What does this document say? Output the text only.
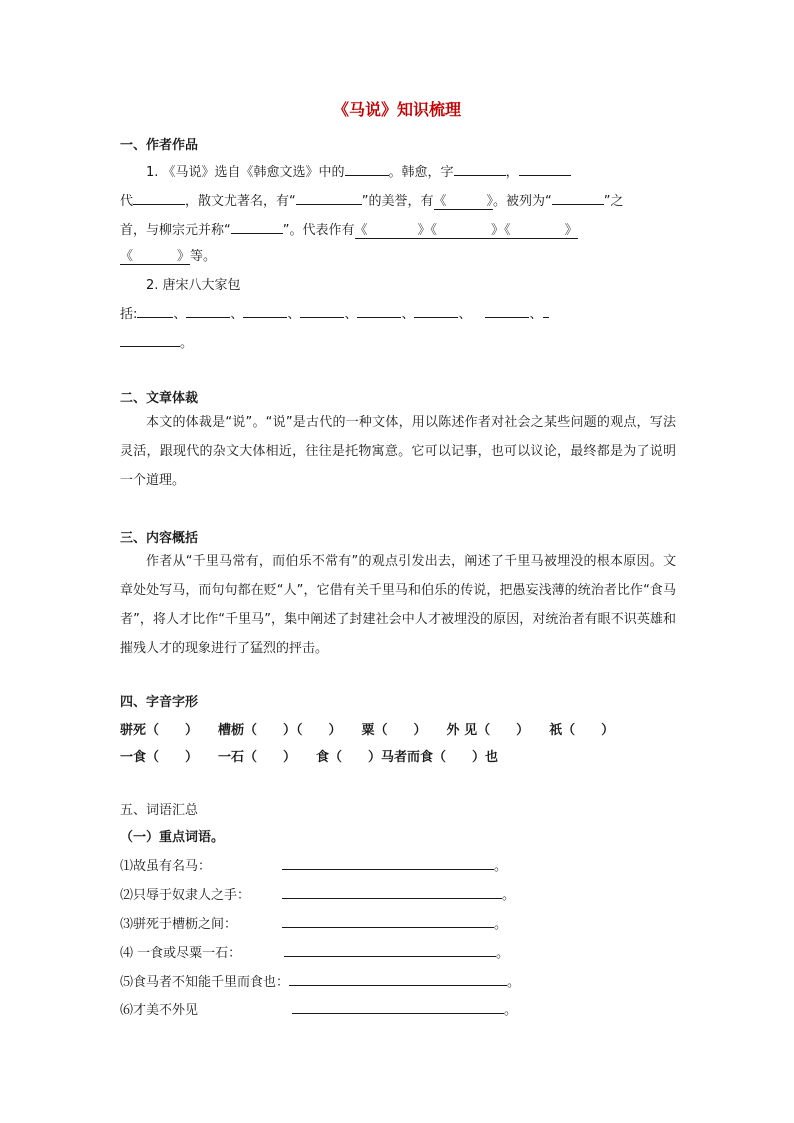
《马说》知识梳理
一、作者作品
1. 《马说》选自《韩愈文选》中的	。韩愈，字	，
代	，散文尤著名，有“	”的美誉，有《	》。被列为“	”之
首，与柳宗元并称“	”。代表作有《	》《	》《	》
《	》等。
2. 唐宋八大家包
括:	、	、	、	、	、	、	、
。
二、文章体裁
本文的体裁是“说”。“说”是古代的一种文体，用以陈述作者对社会之某些问题的观点，写法灵活，跟现代的杂文大体相近，往往是托物寓意。它可以记事，也可以议论，最终都是为了说明一个道理。
三、内容概括
作者从“千里马常有，而伯乐不常有”的观点引发出去，阐述了千里马被埋没的根本原因。文章处处写马，而句句都在贬“人”，它借有关千里马和伯乐的传说，把愚妄浅薄的统治者比作“食马者”，将人才比作“千里马”，集中阐述了封建社会中人才被埋没的原因，对统治者有眼不识英雄和摧残人才的现象进行了猛烈的抨击。
四、字音字形
骈死（　　） 槽枥（　　）（　　） 粟（　　） 外 见（　　） 祇（　　）
一食（　　） 一石（　　） 食（　　）马者而食（　　）也
五、词语汇总
（一）重点词语。
⑴故虽有名马：	。
⑵只辱于奴隶人之手：	。
⑶骈死于槽枥之间：	。
⑷ 一食或尽粟一石：	。
⑸食马者不知能千里而食也：	。
⑹才美不外见	。
